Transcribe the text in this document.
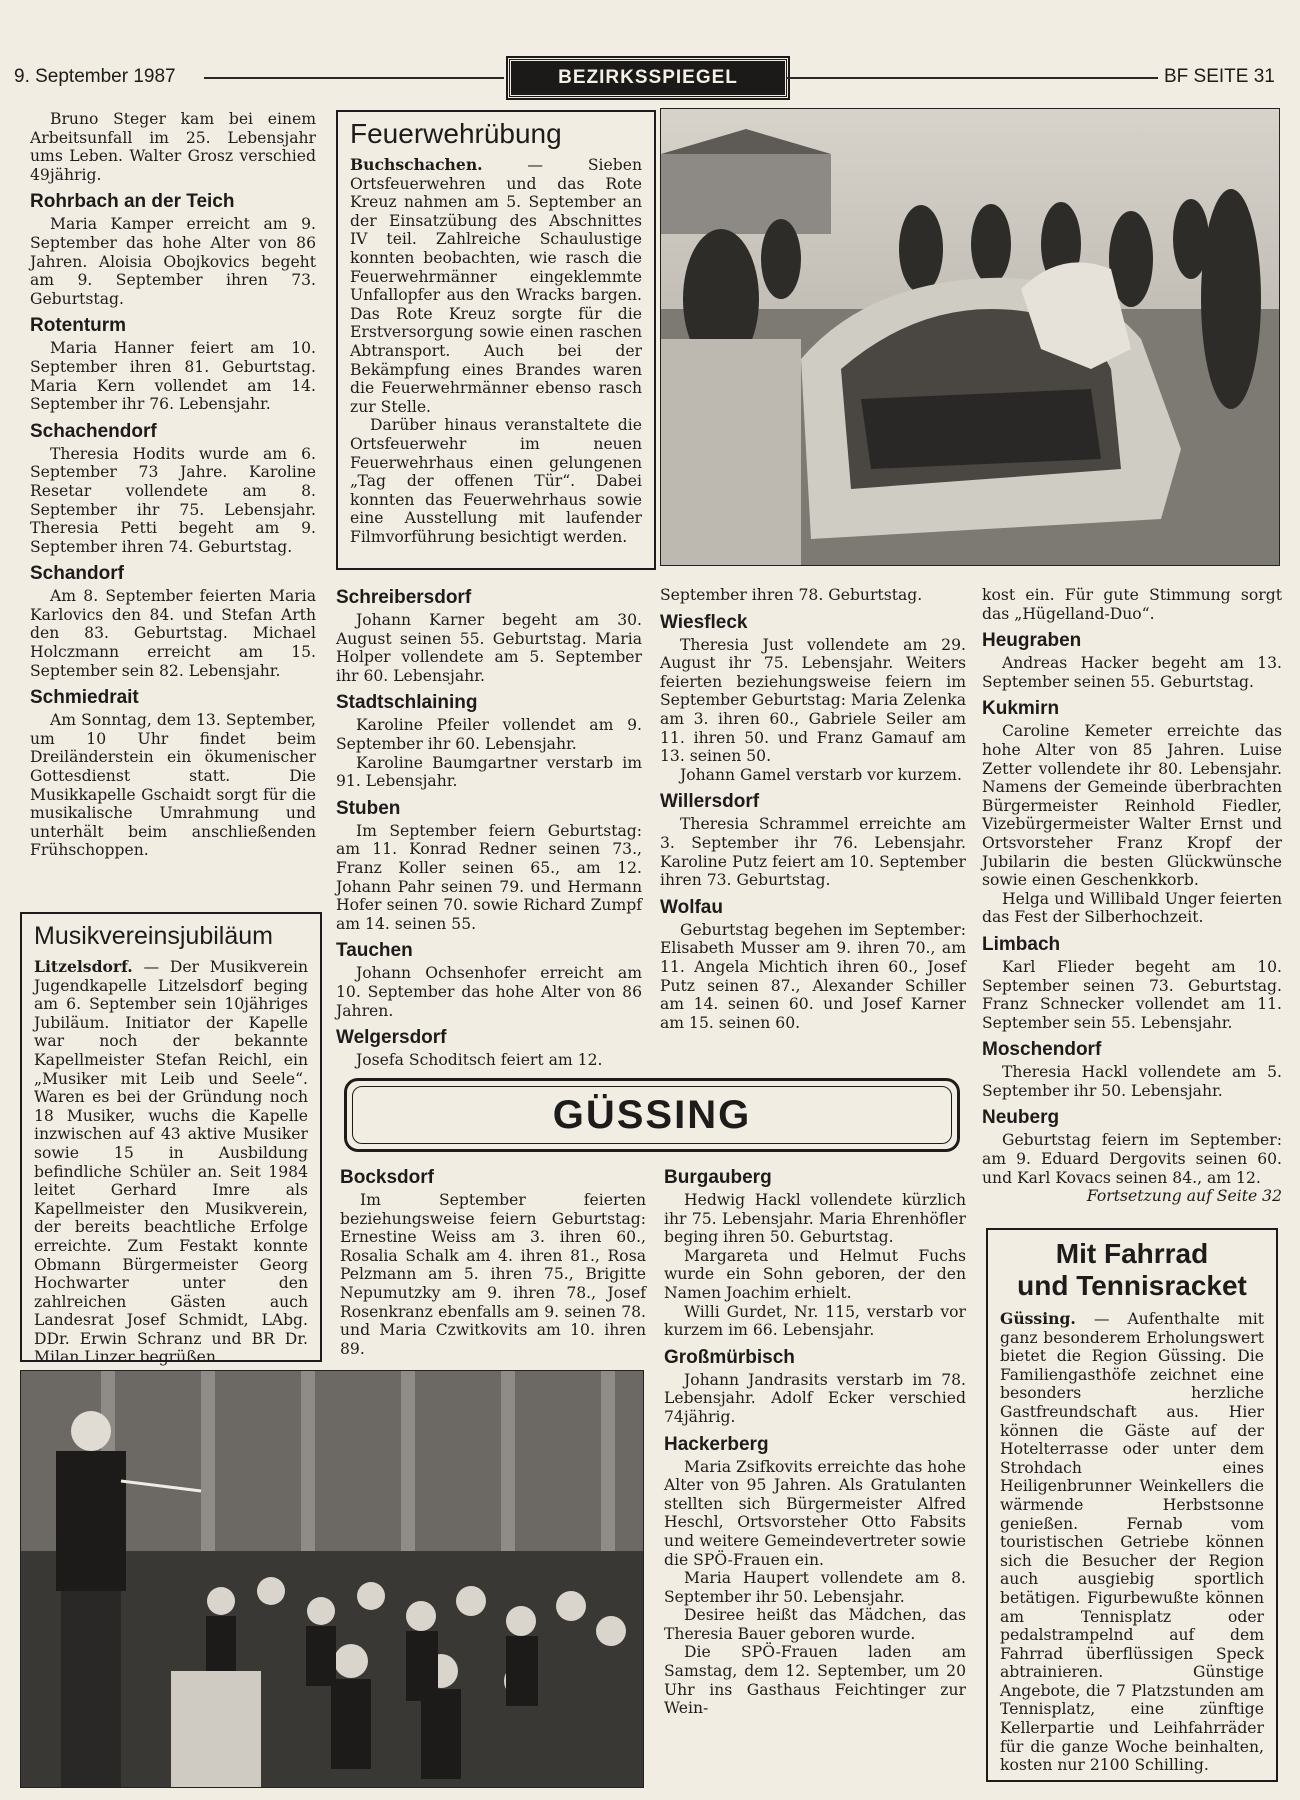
9. September 1987	BEZIRKSSPIEGEL	BF SEITE 31

Bruno Steger kam bei einem Arbeitsunfall im 25. Lebensjahr ums Leben. Walter Grosz verschied 49jährig.

Rohrbach an der Teich

Maria Kamper erreicht am 9. September das hohe Alter von 86 Jahren. Aloisia Obojkovics begeht am 9. September ihren 73. Geburtstag.

Rotenturm

Maria Hanner feiert am 10. September ihren 81. Geburtstag. Maria Kern vollendet am 14. September ihr 76. Lebensjahr.

Schachendorf

Theresia Hodits wurde am 6. September 73 Jahre. Karoline Resetar vollendete am 8. September ihr 75. Lebensjahr. Theresia Petti begeht am 9. September ihren 74. Geburtstag.

Schandorf

Am 8. September feierten Maria Karlovics den 84. und Stefan Arth den 83. Geburtstag. Michael Holczmann erreicht am 15. September sein 82. Lebensjahr.

Schmiedrait

Am Sonntag, dem 13. September, um 10 Uhr findet beim Dreiländerstein ein ökumenischer Gottesdienst statt. Die Musikkapelle Gschaidt sorgt für die musikalische Umrahmung und unterhält beim anschließenden Frühschoppen.

Feuerwehrübung

Buchschachen. — Sieben Ortsfeuerwehren und das Rote Kreuz nahmen am 5. September an der Einsatzübung des Abschnittes IV teil. Zahlreiche Schaulustige konnten beobachten, wie rasch die Feuerwehrmänner eingeklemmte Unfallopfer aus den Wracks bargen. Das Rote Kreuz sorgte für die Erstversorgung sowie einen raschen Abtransport. Auch bei der Bekämpfung eines Brandes waren die Feuerwehrmänner ebenso rasch zur Stelle.

Darüber hinaus veranstaltete die Ortsfeuerwehr im neuen Feuerwehrhaus einen gelungenen „Tag der offenen Tür“. Dabei konnten das Feuerwehrhaus sowie eine Ausstellung mit laufender Filmvorführung besichtigt werden.

Schreibersdorf

Johann Karner begeht am 30. August seinen 55. Geburtstag. Maria Holper vollendete am 5. September ihr 60. Lebensjahr.

Stadtschlaining

Karoline Pfeiler vollendet am 9. September ihr 60. Lebensjahr.

Karoline Baumgartner verstarb im 91. Lebensjahr.

Stuben

Im September feiern Geburtstag: am 11. Konrad Redner seinen 73., Franz Koller seinen 65., am 12. Johann Pahr seinen 79. und Hermann Hofer seinen 70. sowie Richard Zumpf am 14. seinen 55.

Tauchen

Johann Ochsenhofer erreicht am 10. September das hohe Alter von 86 Jahren.

Welgersdorf

Josefa Schoditsch feiert am 12.

September ihren 78. Geburtstag.

Wiesfleck

Theresia Just vollendete am 29. August ihr 75. Lebensjahr. Weiters feierten beziehungsweise feiern im September Geburtstag: Maria Zelenka am 3. ihren 60., Gabriele Seiler am 11. ihren 50. und Franz Gamauf am 13. seinen 50.

Johann Gamel verstarb vor kurzem.

Willersdorf

Theresia Schrammel erreichte am 3. September ihr 76. Lebensjahr. Karoline Putz feiert am 10. September ihren 73. Geburtstag.

Wolfau

Geburtstag begehen im September: Elisabeth Musser am 9. ihren 70., am 11. Angela Michtich ihren 60., Josef Putz seinen 87., Alexander Schiller am 14. seinen 60. und Josef Karner am 15. seinen 60.

kost ein. Für gute Stimmung sorgt das „Hügelland-Duo“.

Heugraben

Andreas Hacker begeht am 13. September seinen 55. Geburtstag.

Kukmirn

Caroline Kemeter erreichte das hohe Alter von 85 Jahren. Luise Zetter vollendete ihr 80. Lebensjahr. Namens der Gemeinde überbrachten Bürgermeister Reinhold Fiedler, Vizebürgermeister Walter Ernst und Ortsvorsteher Franz Kropf der Jubilarin die besten Glückwünsche sowie einen Geschenkkorb.

Helga und Willibald Unger feierten das Fest der Silberhochzeit.

Limbach

Karl Flieder begeht am 10. September seinen 73. Geburtstag. Franz Schnecker vollendet am 11. September sein 55. Lebensjahr.

Moschendorf

Theresia Hackl vollendete am 5. September ihr 50. Lebensjahr.

Neuberg

Geburtstag feiern im September: am 9. Eduard Dergovits seinen 60. und Karl Kovacs seinen 84., am 12.

Fortsetzung auf Seite 32

Musikvereinsjubiläum

Litzelsdorf. — Der Musikverein Jugendkapelle Litzelsdorf beging am 6. September sein 10jähriges Jubiläum. Initiator der Kapelle war noch der bekannte Kapellmeister Stefan Reichl, ein „Musiker mit Leib und Seele“. Waren es bei der Gründung noch 18 Musiker, wuchs die Kapelle inzwischen auf 43 aktive Musiker sowie 15 in Ausbildung befindliche Schüler an. Seit 1984 leitet Gerhard Imre als Kapellmeister den Musikverein, der bereits beachtliche Erfolge erreichte. Zum Festakt konnte Obmann Bürgermeister Georg Hochwarter unter den zahlreichen Gästen auch Landesrat Josef Schmidt, LAbg. DDr. Erwin Schranz und BR Dr. Milan Linzer begrüßen.

GÜSSING
Bocksdorf

Im September feierten beziehungsweise feiern Geburtstag: Ernestine Weiss am 3. ihren 60., Rosalia Schalk am 4. ihren 81., Rosa Pelzmann am 5. ihren 75., Brigitte Nepumutzky am 9. ihren 78., Josef Rosenkranz ebenfalls am 9. seinen 78. und Maria Czwitkovits am 10. ihren 89.

Burgauberg

Hedwig Hackl vollendete kürzlich ihr 75. Lebensjahr. Maria Ehrenhöfler beging ihren 50. Geburtstag.

Margareta und Helmut Fuchs wurde ein Sohn geboren, der den Namen Joachim erhielt.

Willi Gurdet, Nr. 115, verstarb vor kurzem im 66. Lebensjahr.

Großmürbisch

Johann Jandrasits verstarb im 78. Lebensjahr. Adolf Ecker verschied 74jährig.

Hackerberg

Maria Zsifkovits erreichte das hohe Alter von 95 Jahren. Als Gratulanten stellten sich Bürgermeister Alfred Heschl, Ortsvorsteher Otto Fabsits und weitere Gemeindevertreter sowie die SPÖ-Frauen ein.

Maria Haupert vollendete am 8. September ihr 50. Lebensjahr.

Desiree heißt das Mädchen, das Theresia Bauer geboren wurde.

Die SPÖ-Frauen laden am Samstag, dem 12. September, um 20 Uhr ins Gasthaus Feichtinger zur Wein-

Mit Fahrrad
und Tennisracket

Güssing. — Aufenthalte mit ganz besonderem Erholungswert bietet die Region Güssing. Die Familiengasthöfe zeichnet eine besonders herzliche Gastfreundschaft aus. Hier können die Gäste auf der Hotelterrasse oder unter dem Strohdach eines Heiligenbrunner Weinkellers die wärmende Herbstsonne genießen. Fernab vom touristischen Getriebe können sich die Besucher der Region auch ausgiebig sportlich betätigen. Figurbewußte können am Tennisplatz oder pedalstrampelnd auf dem Fahrrad überflüssigen Speck abtrainieren. Günstige Angebote, die 7 Platzstunden am Tennisplatz, eine zünftige Kellerpartie und Leihfahrräder für die ganze Woche beinhalten, kosten nur 2100 Schilling.
